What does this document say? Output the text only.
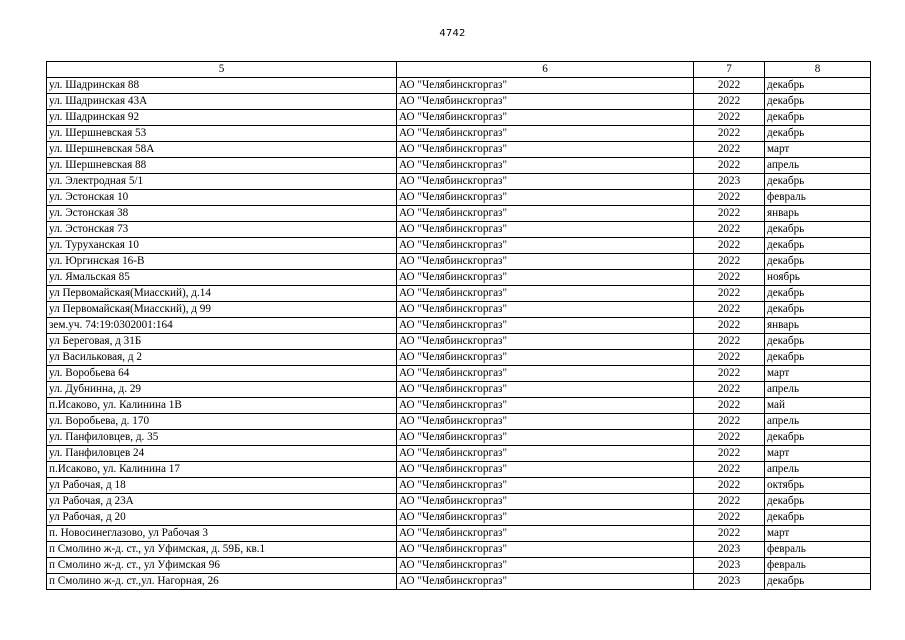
4742
5	6	7	8
ул. Шадринская 88	АО "Челябинскгоргаз"	2022	декабрь
ул. Шадринская 43А	АО "Челябинскгоргаз"	2022	декабрь
ул. Шадринская 92	АО "Челябинскгоргаз"	2022	декабрь
ул. Шершневская 53	АО "Челябинскгоргаз"	2022	декабрь
ул. Шершневская 58А	АО "Челябинскгоргаз"	2022	март
ул. Шершневская 88	АО "Челябинскгоргаз"	2022	апрель
ул. Электродная 5/1	АО "Челябинскгоргаз"	2023	декабрь
ул. Эстонская 10	АО "Челябинскгоргаз"	2022	февраль
ул. Эстонская 38	АО "Челябинскгоргаз"	2022	январь
ул. Эстонская 73	АО "Челябинскгоргаз"	2022	декабрь
ул. Туруханская 10	АО "Челябинскгоргаз"	2022	декабрь
ул. Юргинская 16-В	АО "Челябинскгоргаз"	2022	декабрь
ул. Ямальская 85	АО "Челябинскгоргаз"	2022	ноябрь
ул Первомайская(Миасский), д.14	АО "Челябинскгоргаз"	2022	декабрь
ул Первомайская(Миасский), д 99	АО "Челябинскгоргаз"	2022	декабрь
зем.уч. 74:19:0302001:164	АО "Челябинскгоргаз"	2022	январь
ул Береговая, д 31Б	АО "Челябинскгоргаз"	2022	декабрь
ул Васильковая, д 2	АО "Челябинскгоргаз"	2022	декабрь
ул. Воробьева 64	АО "Челябинскгоргаз"	2022	март
ул. Дубнинна, д. 29	АО "Челябинскгоргаз"	2022	апрель
п.Исаково, ул. Калинина 1В	АО "Челябинскгоргаз"	2022	май
ул. Воробьева, д. 170	АО "Челябинскгоргаз"	2022	апрель
ул. Панфиловцев, д. 35	АО "Челябинскгоргаз"	2022	декабрь
ул. Панфиловцев 24	АО "Челябинскгоргаз"	2022	март
п.Исаково, ул. Калинина 17	АО "Челябинскгоргаз"	2022	апрель
ул Рабочая, д 18	АО "Челябинскгоргаз"	2022	октябрь
ул Рабочая, д 23А	АО "Челябинскгоргаз"	2022	декабрь
ул Рабочая, д 20	АО "Челябинскгоргаз"	2022	декабрь
п. Новосинеглазово, ул Рабочая 3	АО "Челябинскгоргаз"	2022	март
п Смолино ж-д. ст., ул Уфимская, д. 59Б, кв.1	АО "Челябинскгоргаз"	2023	февраль
п Смолино ж-д. ст., ул Уфимская 96	АО "Челябинскгоргаз"	2023	февраль
п Смолино ж-д. ст.,ул. Нагорная, 26	АО "Челябинскгоргаз"	2023	декабрь
